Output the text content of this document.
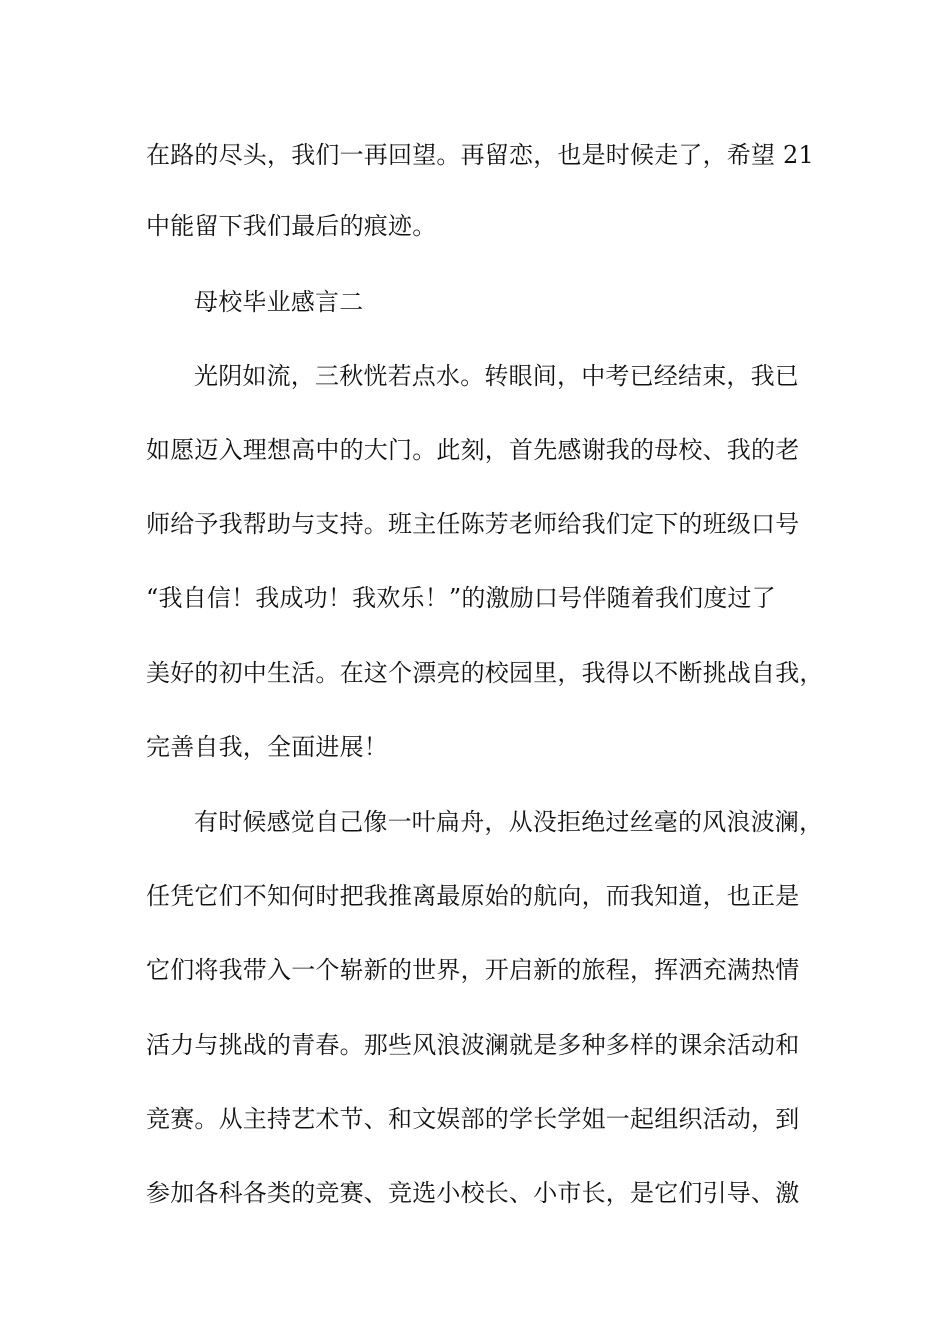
在路的尽头，我们一再回望。再留恋，也是时候走了，希望 21
中能留下我们最后的痕迹。
母校毕业感言二
光阴如流，三秋恍若点水。转眼间，中考已经结束，我已
如愿迈入理想高中的大门。此刻，首先感谢我的母校、我的老
师给予我帮助与支持。班主任陈芳老师给我们定下的班级口号
“我自信！我成功！我欢乐！”的激励口号伴随着我们度过了
美好的初中生活。在这个漂亮的校园里，我得以不断挑战自我，
完善自我，全面进展！
有时候感觉自己像一叶扁舟，从没拒绝过丝毫的风浪波澜，
任凭它们不知何时把我推离最原始的航向，而我知道，也正是
它们将我带入一个崭新的世界，开启新的旅程，挥洒充满热情
活力与挑战的青春。那些风浪波澜就是多种多样的课余活动和
竞赛。从主持艺术节、和文娱部的学长学姐一起组织活动，到
参加各科各类的竞赛、竞选小校长、小市长，是它们引导、激
